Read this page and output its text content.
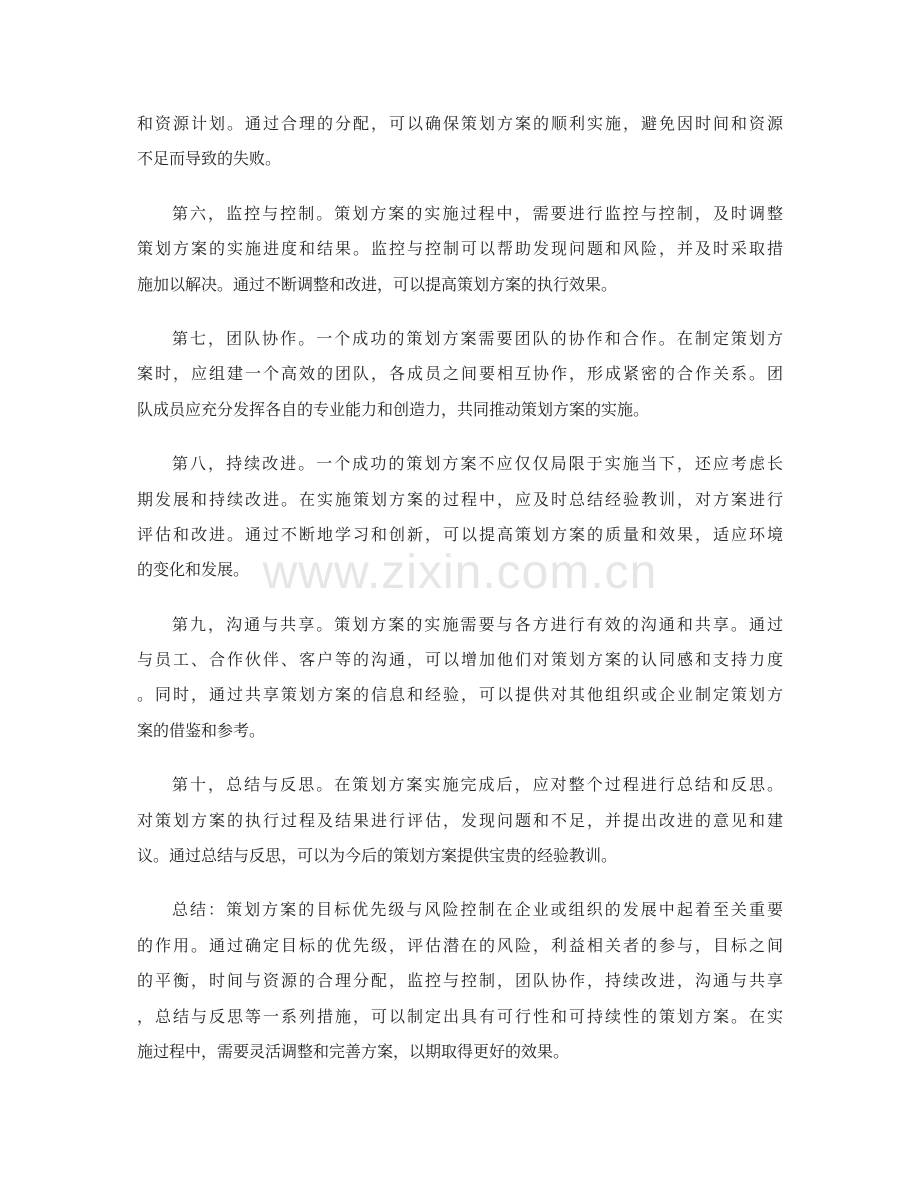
www.zixin.com.cn
和资源计划。通过合理的分配，可以确保策划方案的顺利实施，避免因时间和资源
不足而导致的失败。
第六，监控与控制。策划方案的实施过程中，需要进行监控与控制，及时调整
策划方案的实施进度和结果。监控与控制可以帮助发现问题和风险，并及时采取措
施加以解决。通过不断调整和改进，可以提高策划方案的执行效果。
第七，团队协作。一个成功的策划方案需要团队的协作和合作。在制定策划方
案时，应组建一个高效的团队，各成员之间要相互协作，形成紧密的合作关系。团
队成员应充分发挥各自的专业能力和创造力，共同推动策划方案的实施。
第八，持续改进。一个成功的策划方案不应仅仅局限于实施当下，还应考虑长
期发展和持续改进。在实施策划方案的过程中，应及时总结经验教训，对方案进行
评估和改进。通过不断地学习和创新，可以提高策划方案的质量和效果，适应环境
的变化和发展。
第九，沟通与共享。策划方案的实施需要与各方进行有效的沟通和共享。通过
与员工、合作伙伴、客户等的沟通，可以增加他们对策划方案的认同感和支持力度
。同时，通过共享策划方案的信息和经验，可以提供对其他组织或企业制定策划方
案的借鉴和参考。
第十，总结与反思。在策划方案实施完成后，应对整个过程进行总结和反思。
对策划方案的执行过程及结果进行评估，发现问题和不足，并提出改进的意见和建
议。通过总结与反思，可以为今后的策划方案提供宝贵的经验教训。
总结：策划方案的目标优先级与风险控制在企业或组织的发展中起着至关重要
的作用。通过确定目标的优先级，评估潜在的风险，利益相关者的参与，目标之间
的平衡，时间与资源的合理分配，监控与控制，团队协作，持续改进，沟通与共享
，总结与反思等一系列措施，可以制定出具有可行性和可持续性的策划方案。在实
施过程中，需要灵活调整和完善方案，以期取得更好的效果。
